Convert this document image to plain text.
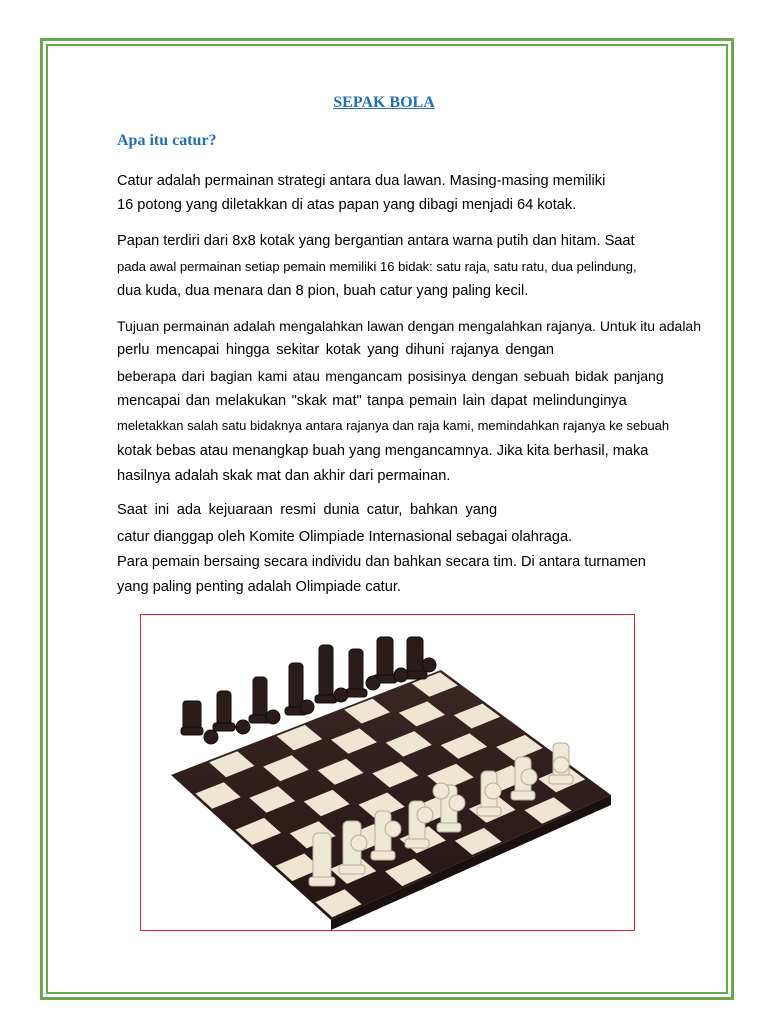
SEPAK BOLA
Apa itu catur?
Catur adalah permainan strategi antara dua lawan. Masing-masing memiliki
16 potong yang diletakkan di atas papan yang dibagi menjadi 64 kotak.
Papan terdiri dari 8x8 kotak yang bergantian antara warna putih dan hitam. Saat
pada awal permainan setiap pemain memiliki 16 bidak: satu raja, satu ratu, dua pelindung,
dua kuda, dua menara dan 8 pion, buah catur yang paling kecil.
Tujuan permainan adalah mengalahkan lawan dengan mengalahkan rajanya. Untuk itu adalah
perlu mencapai hingga sekitar kotak yang dihuni rajanya dengan
beberapa dari bagian kami atau mengancam posisinya dengan sebuah bidak panjang
mencapai dan melakukan "skak mat" tanpa pemain lain dapat melindunginya
meletakkan salah satu bidaknya antara rajanya dan raja kami, memindahkan rajanya ke sebuah
kotak bebas atau menangkap buah yang mengancamnya. Jika kita berhasil, maka
hasilnya adalah skak mat dan akhir dari permainan.
Saat ini ada kejuaraan resmi dunia catur, bahkan yang
catur dianggap oleh Komite Olimpiade Internasional sebagai olahraga.
Para pemain bersaing secara individu dan bahkan secara tim. Di antara turnamen
yang paling penting adalah Olimpiade catur.
